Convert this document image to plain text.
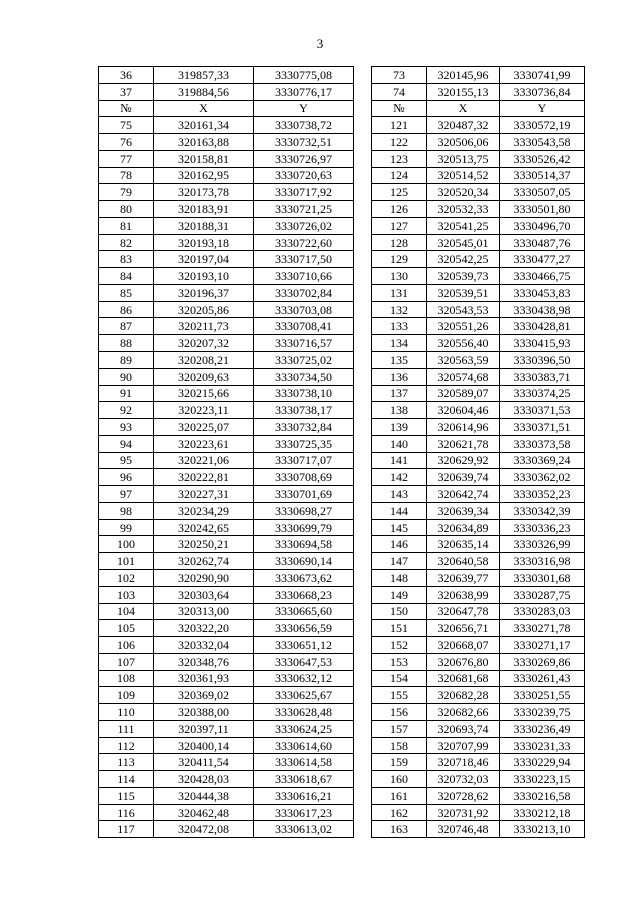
3
36	319857,33	3330775,08		73	320145,96	3330741,99
37	319884,56	3330776,17		74	320155,13	3330736,84
№	X	Y		№	X	Y
75	320161,34	3330738,72		121	320487,32	3330572,19
76	320163,88	3330732,51		122	320506,06	3330543,58
77	320158,81	3330726,97		123	320513,75	3330526,42
78	320162,95	3330720,63		124	320514,52	3330514,37
79	320173,78	3330717,92		125	320520,34	3330507,05
80	320183,91	3330721,25		126	320532,33	3330501,80
81	320188,31	3330726,02		127	320541,25	3330496,70
82	320193,18	3330722,60		128	320545,01	3330487,76
83	320197,04	3330717,50		129	320542,25	3330477,27
84	320193,10	3330710,66		130	320539,73	3330466,75
85	320196,37	3330702,84		131	320539,51	3330453,83
86	320205,86	3330703,08		132	320543,53	3330438,98
87	320211,73	3330708,41		133	320551,26	3330428,81
88	320207,32	3330716,57		134	320556,40	3330415,93
89	320208,21	3330725,02		135	320563,59	3330396,50
90	320209,63	3330734,50		136	320574,68	3330383,71
91	320215,66	3330738,10		137	320589,07	3330374,25
92	320223,11	3330738,17		138	320604,46	3330371,53
93	320225,07	3330732,84		139	320614,96	3330371,51
94	320223,61	3330725,35		140	320621,78	3330373,58
95	320221,06	3330717,07		141	320629,92	3330369,24
96	320222,81	3330708,69		142	320639,74	3330362,02
97	320227,31	3330701,69		143	320642,74	3330352,23
98	320234,29	3330698,27		144	320639,34	3330342,39
99	320242,65	3330699,79		145	320634,89	3330336,23
100	320250,21	3330694,58		146	320635,14	3330326,99
101	320262,74	3330690,14		147	320640,58	3330316,98
102	320290,90	3330673,62		148	320639,77	3330301,68
103	320303,64	3330668,23		149	320638,99	3330287,75
104	320313,00	3330665,60		150	320647,78	3330283,03
105	320322,20	3330656,59		151	320656,71	3330271,78
106	320332,04	3330651,12		152	320668,07	3330271,17
107	320348,76	3330647,53		153	320676,80	3330269,86
108	320361,93	3330632,12		154	320681,68	3330261,43
109	320369,02	3330625,67		155	320682,28	3330251,55
110	320388,00	3330628,48		156	320682,66	3330239,75
111	320397,11	3330624,25		157	320693,74	3330236,49
112	320400,14	3330614,60		158	320707,99	3330231,33
113	320411,54	3330614,58		159	320718,46	3330229,94
114	320428,03	3330618,67		160	320732,03	3330223,15
115	320444,38	3330616,21		161	320728,62	3330216,58
116	320462,48	3330617,23		162	320731,92	3330212,18
117	320472,08	3330613,02		163	320746,48	3330213,10
